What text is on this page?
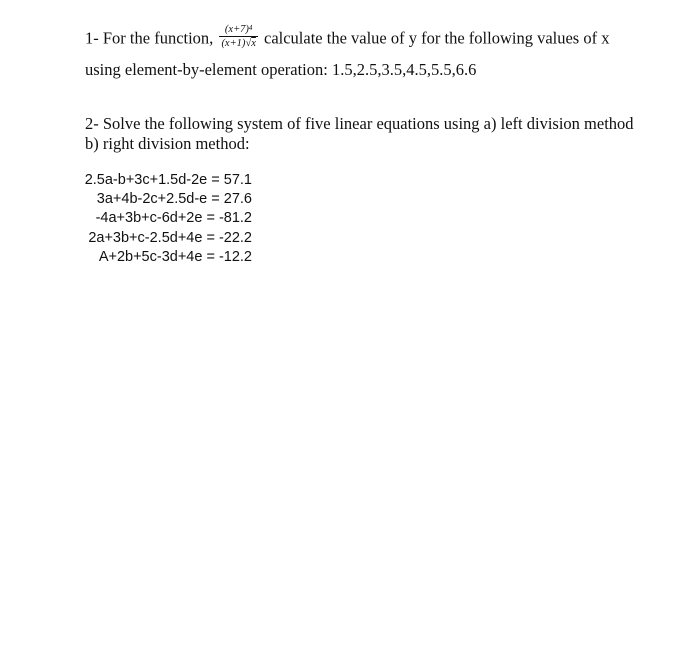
1- For the function, $\frac{(x+7)^4}{(x+1)√x}$ calculate the value of y for the following values of x
using element-by-element operation: 1.5,2.5,3.5,4.5,5.5,6.6
2- Solve the following system of five linear equations using a) left division method
b) right division method:
2.5a-b+3c+1.5d-2e = 57.1
3a+4b-2c+2.5d-e = 27.6
-4a+3b+c-6d+2e = -81.2
2a+3b+c-2.5d+4e = -22.2
A+2b+5c-3d+4e = -12.2
